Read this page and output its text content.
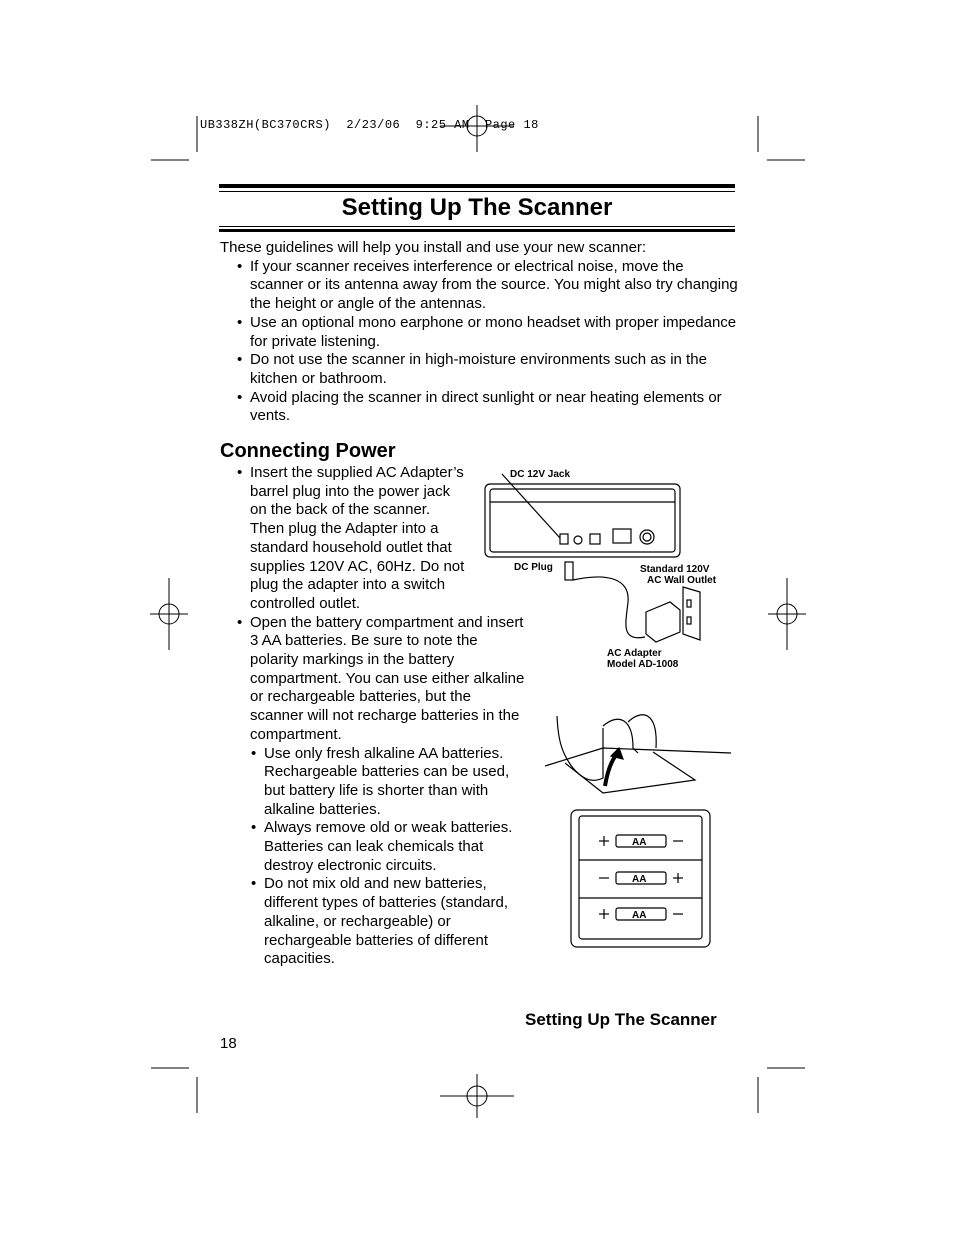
UB338ZH(BC370CRS)  2/23/06  9:25 AM  Page 18
Setting Up The Scanner
These guidelines will help you install and use your new scanner:
• If your scanner receives interference or electrical noise, move the scanner or its antenna away from the source. You might also try changing the height or angle of the antennas.
• Use an optional mono earphone or mono headset with proper impedance for private listening.
• Do not use the scanner in high-moisture environments such as in the kitchen or bathroom.
• Avoid placing the scanner in direct sunlight or near heating elements or vents.
Connecting Power
• Insert the supplied AC Adapter’s barrel plug into the power jack on the back of the scanner. Then plug the Adapter into a standard household outlet that supplies 120V AC, 60Hz. Do not plug the adapter into a switch controlled outlet.
• Open the battery compartment and insert 3 AA batteries. Be sure to note the polarity markings in the battery compartment. You can use either alkaline or rechargeable batteries, but the scanner will not recharge batteries in the compartment.
• Use only fresh alkaline AA batteries. Rechargeable batteries can be used, but battery life is shorter than with alkaline batteries.
• Always remove old or weak batteries. Batteries can leak chemicals that destroy electronic circuits.
• Do not mix old and new batteries, different types of batteries (standard, alkaline, or rechargeable) or rechargeable batteries of different capacities.
DC 12V Jack
DC Plug	Standard 120V
AC Wall Outlet
AC Adapter
Model AD-1008
AA
AA
AA
Setting Up The Scanner
18
